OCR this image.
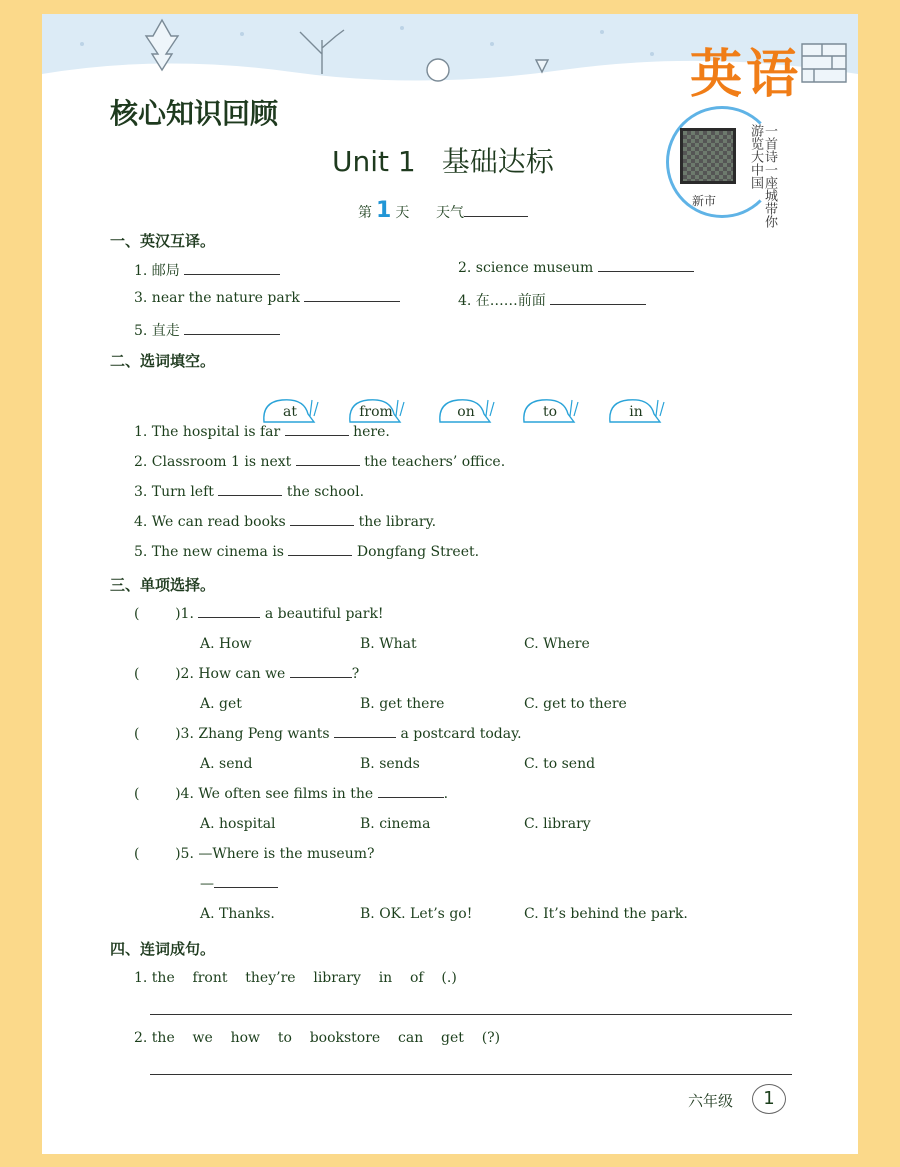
英语
核心知识回顾
Unit 1 基础达标
第 1 天 天气
新市	一首诗一座城带你游览大中国
一、英汉互译。
1. 邮局	2. science museum
3. near the nature park	4. 在……前面
5. 直走
二、选词填空。
at	from	on	to	in
1. The hospital is far	here.
2. Classroom 1 is next	the teachers’ office.
3. Turn left	the school.
4. We can read books	the library.
5. The new cinema is	Dongfang Street.
三、单项选择。
(        )1.	a beautiful park!
A. How	B. What	C. Where
(        )2. How can we	?
A. get	B. get there	C. get to there
(        )3. Zhang Peng wants	a postcard today.
A. send	B. sends	C. to send
(        )4. We often see films in the	.
A. hospital	B. cinema	C. library
(        )5. —Where is the museum?
—
A. Thanks.	B. OK. Let’s go!	C. It’s behind the park.
四、连词成句。
1. the    front    they’re    library    in    of    (.)
2. the    we    how    to    bookstore    can    get    (?)
六年级	1
